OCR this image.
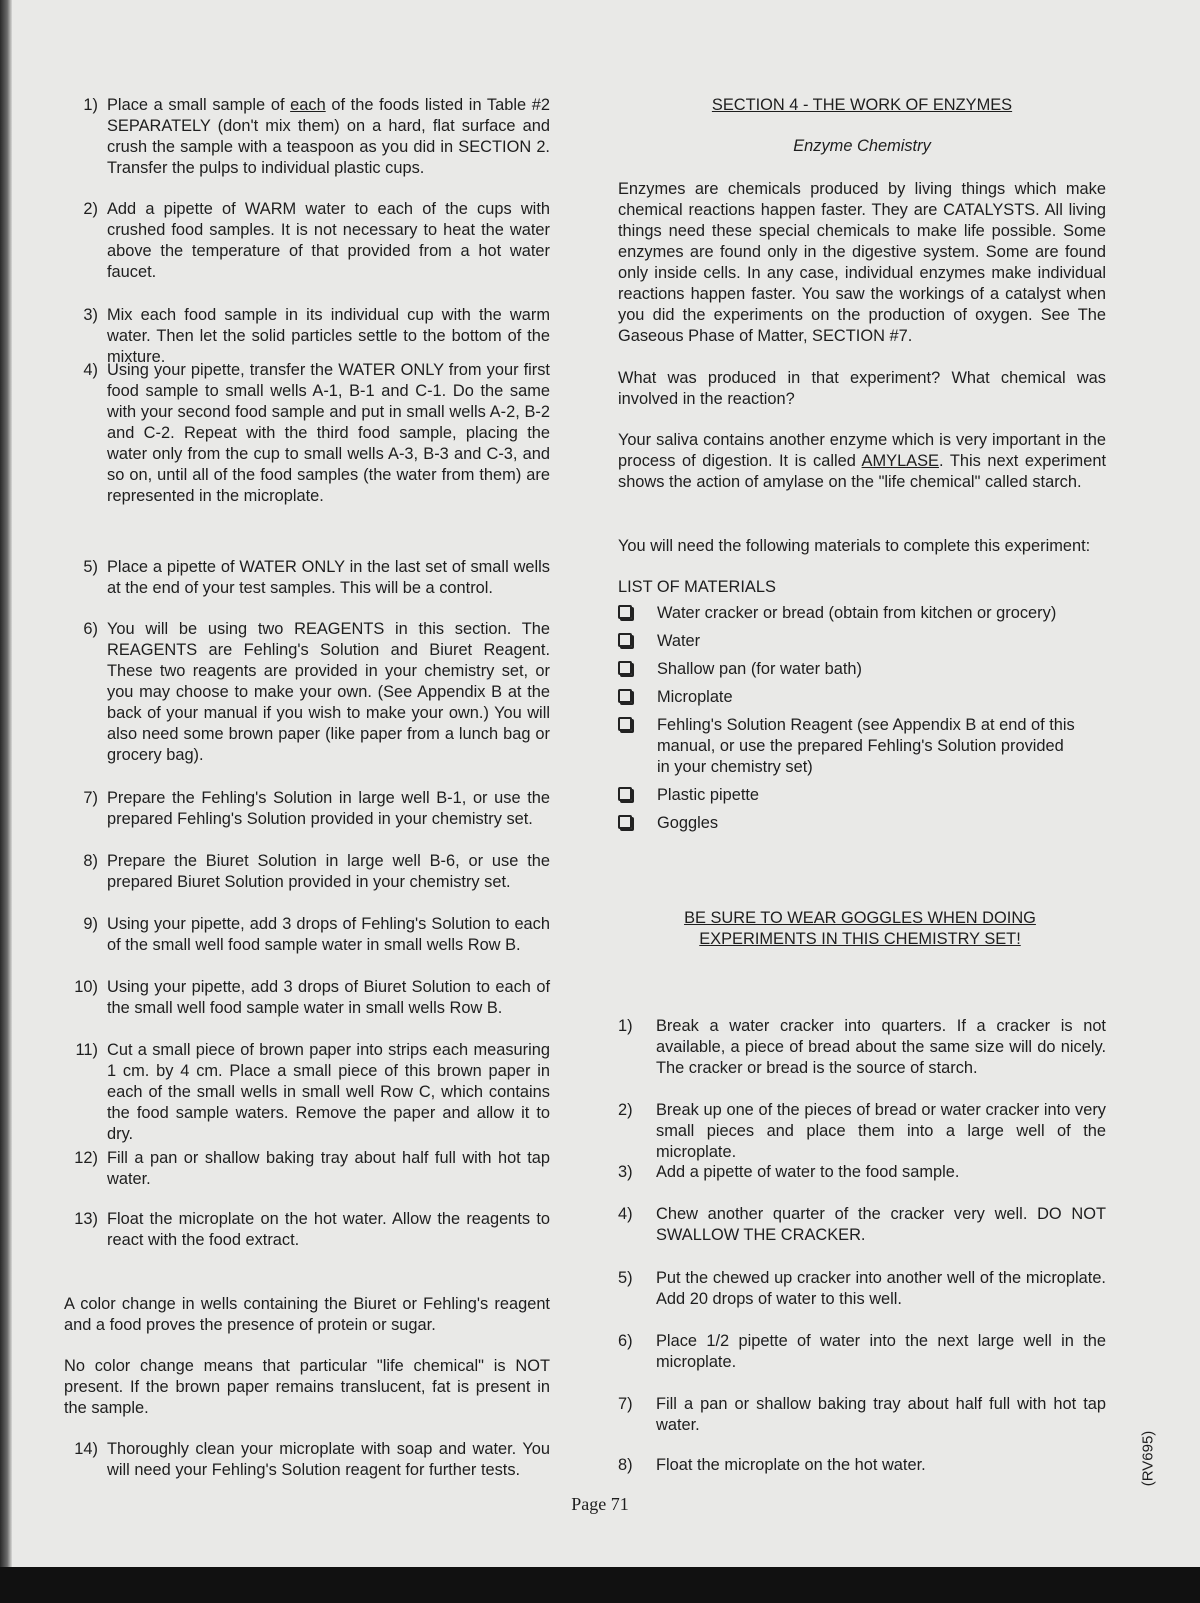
1) Place a small sample of each of the foods listed in Table #2 SEPARATELY (don't mix them) on a hard, flat surface and crush the sample with a teaspoon as you did in SECTION 2. Transfer the pulps to individual plastic cups.
2) Add a pipette of WARM water to each of the cups with crushed food samples. It is not necessary to heat the water above the temperature of that provided from a hot water faucet.
3) Mix each food sample in its individual cup with the warm water. Then let the solid particles settle to the bottom of the mixture.
4) Using your pipette, transfer the WATER ONLY from your first food sample to small wells A-1, B-1 and C-1. Do the same with your second food sample and put in small wells A-2, B-2 and C-2. Repeat with the third food sample, placing the water only from the cup to small wells A-3, B-3 and C-3, and so on, until all of the food samples (the water from them) are represented in the microplate.
5) Place a pipette of WATER ONLY in the last set of small wells at the end of your test samples. This will be a control.
6) You will be using two REAGENTS in this section. The REAGENTS are Fehling's Solution and Biuret Reagent. These two reagents are provided in your chemistry set, or you may choose to make your own. (See Appendix B at the back of your manual if you wish to make your own.) You will also need some brown paper (like paper from a lunch bag or grocery bag).
7) Prepare the Fehling's Solution in large well B-1, or use the prepared Fehling's Solution provided in your chemistry set.
8) Prepare the Biuret Solution in large well B-6, or use the prepared Biuret Solution provided in your chemistry set.
9) Using your pipette, add 3 drops of Fehling's Solution to each of the small well food sample water in small wells Row B.
10) Using your pipette, add 3 drops of Biuret Solution to each of the small well food sample water in small wells Row B.
11) Cut a small piece of brown paper into strips each measuring 1 cm. by 4 cm. Place a small piece of this brown paper in each of the small wells in small well Row C, which contains the food sample waters. Remove the paper and allow it to dry.
12) Fill a pan or shallow baking tray about half full with hot tap water.
13) Float the microplate on the hot water. Allow the reagents to react with the food extract.
A color change in wells containing the Biuret or Fehling's reagent and a food proves the presence of protein or sugar.
No color change means that particular "life chemical" is NOT present. If the brown paper remains translucent, fat is present in the sample.
14) Thoroughly clean your microplate with soap and water. You will need your Fehling's Solution reagent for further tests.
SECTION 4 - THE WORK OF ENZYMES
Enzyme Chemistry
Enzymes are chemicals produced by living things which make chemical reactions happen faster. They are CATALYSTS. All living things need these special chemicals to make life possible. Some enzymes are found only in the digestive system. Some are found only inside cells. In any case, individual enzymes make individual reactions happen faster. You saw the workings of a catalyst when you did the experiments on the production of oxygen. See The Gaseous Phase of Matter, SECTION #7.
What was produced in that experiment? What chemical was involved in the reaction?
Your saliva contains another enzyme which is very important in the process of digestion. It is called AMYLASE. This next experiment shows the action of amylase on the "life chemical" called starch.
You will need the following materials to complete this experiment:
LIST OF MATERIALS
Water cracker or bread (obtain from kitchen or grocery)
Water
Shallow pan (for water bath)
Microplate
Fehling's Solution Reagent (see Appendix B at end of this manual, or use the prepared Fehling's Solution provided in your chemistry set)
Plastic pipette
Goggles
BE SURE TO WEAR GOGGLES WHEN DOING EXPERIMENTS IN THIS CHEMISTRY SET!
1)	Break a water cracker into quarters. If a cracker is not available, a piece of bread about the same size will do nicely. The cracker or bread is the source of starch.
2)	Break up one of the pieces of bread or water cracker into very small pieces and place them into a large well of the microplate.
3)	Add a pipette of water to the food sample.
4)	Chew another quarter of the cracker very well. DO NOT SWALLOW THE CRACKER.
5)	Put the chewed up cracker into another well of the microplate. Add 20 drops of water to this well.
6)	Place 1/2 pipette of water into the next large well in the microplate.
7)	Fill a pan or shallow baking tray about half full with hot tap water.
8)	Float the microplate on the hot water.
Page 71
(RV695)
